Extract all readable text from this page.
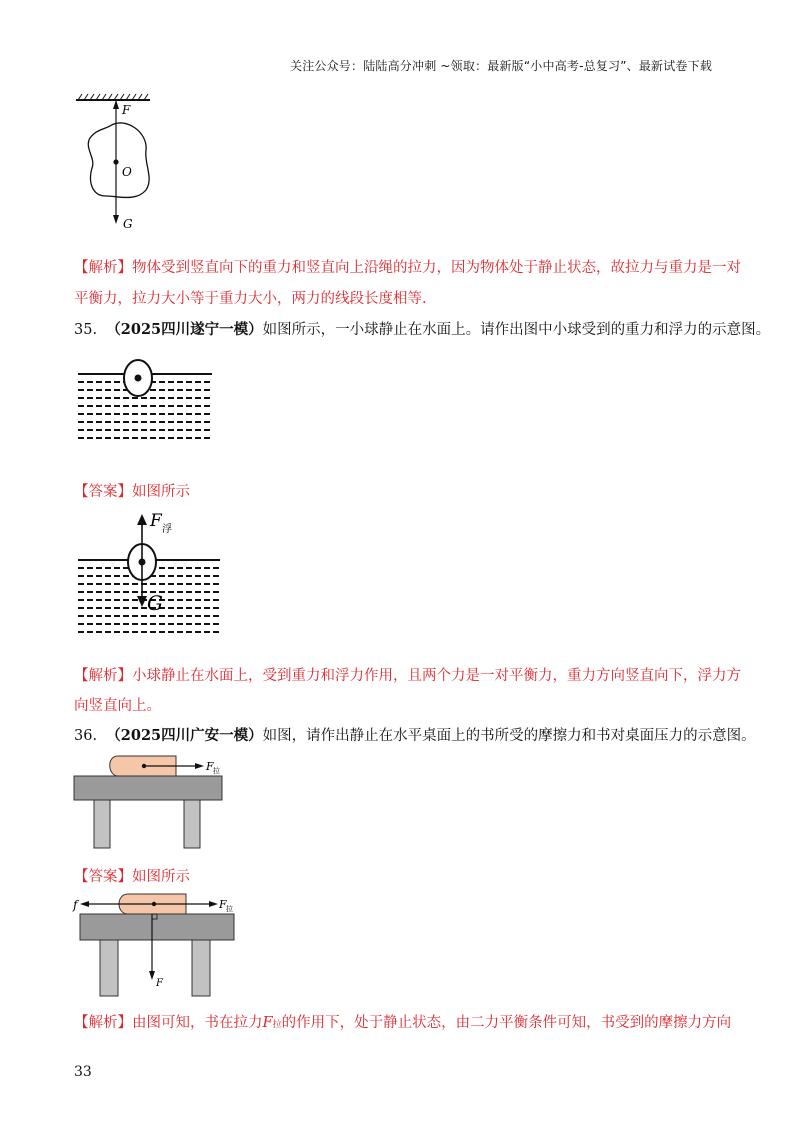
关注公众号：陆陆高分冲刺 ~领取：最新版“小中高考-总复习”、最新试卷下载
F
O
G
【解析】物体受到竖直向下的重力和竖直向上沿绳的拉力，因为物体处于静止状态，故拉力与重力是一对
平衡力，拉力大小等于重力大小，两力的线段长度相等.
35. （2025四川遂宁一模）如图所示，一小球静止在水面上。请作出图中小球受到的重力和浮力的示意图。
【答案】如图所示
F 浮
G
【解析】小球静止在水面上，受到重力和浮力作用，且两个力是一对平衡力，重力方向竖直向下，浮力方
向竖直向上。
36. （2025四川广安一模）如图，请作出静止在水平桌面上的书所受的摩擦力和书对桌面压力的示意图。
F 拉
【答案】如图所示
f	F 拉
F
【解析】由图可知，书在拉力F拉的作用下，处于静止状态，由二力平衡条件可知，书受到的摩擦力方向
33
